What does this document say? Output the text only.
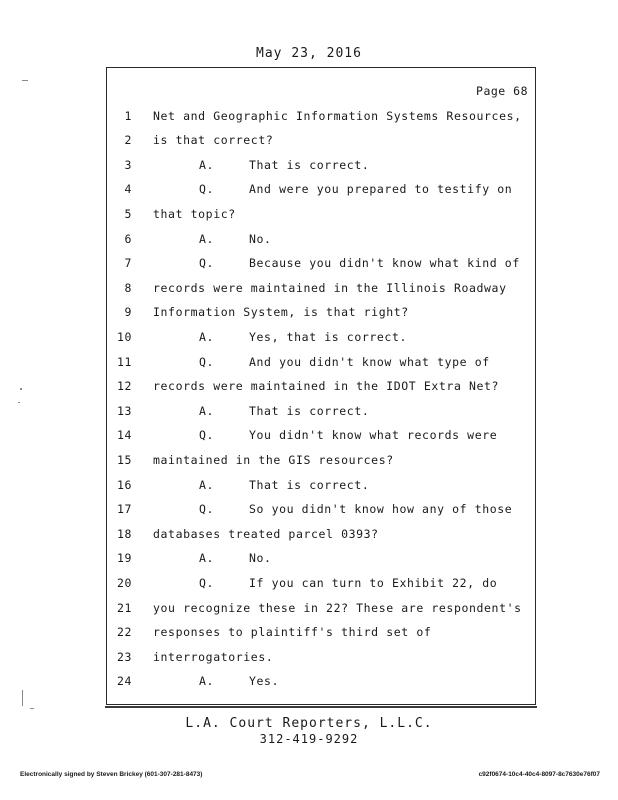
May 23, 2016
Page 68
1 Net and Geographic Information Systems Resources,
2 is that correct?
3	A.	That is correct.
4	Q.	And were you prepared to testify on
5 that topic?
6	A.	No.
7	Q.	Because you didn't know what kind of
8 records were maintained in the Illinois Roadway
9 Information System, is that right?
10	A.	Yes, that is correct.
11	Q.	And you didn't know what type of
12 records were maintained in the IDOT Extra Net?
13	A.	That is correct.
14	Q.	You didn't know what records were
15 maintained in the GIS resources?
16	A.	That is correct.
17	Q.	So you didn't know how any of those
18 databases treated parcel 0393?
19	A.	No.
20	Q.	If you can turn to Exhibit 22, do
21 you recognize these in 22? These are respondent's
22 responses to plaintiff's third set of
23 interrogatories.
24	A.	Yes.
L.A. Court Reporters, L.L.C.
312-419-9292
Electronically signed by Steven Brickey (601-307-281-8473)	c92f0674-10c4-40c4-8097-8c7630e76f07
